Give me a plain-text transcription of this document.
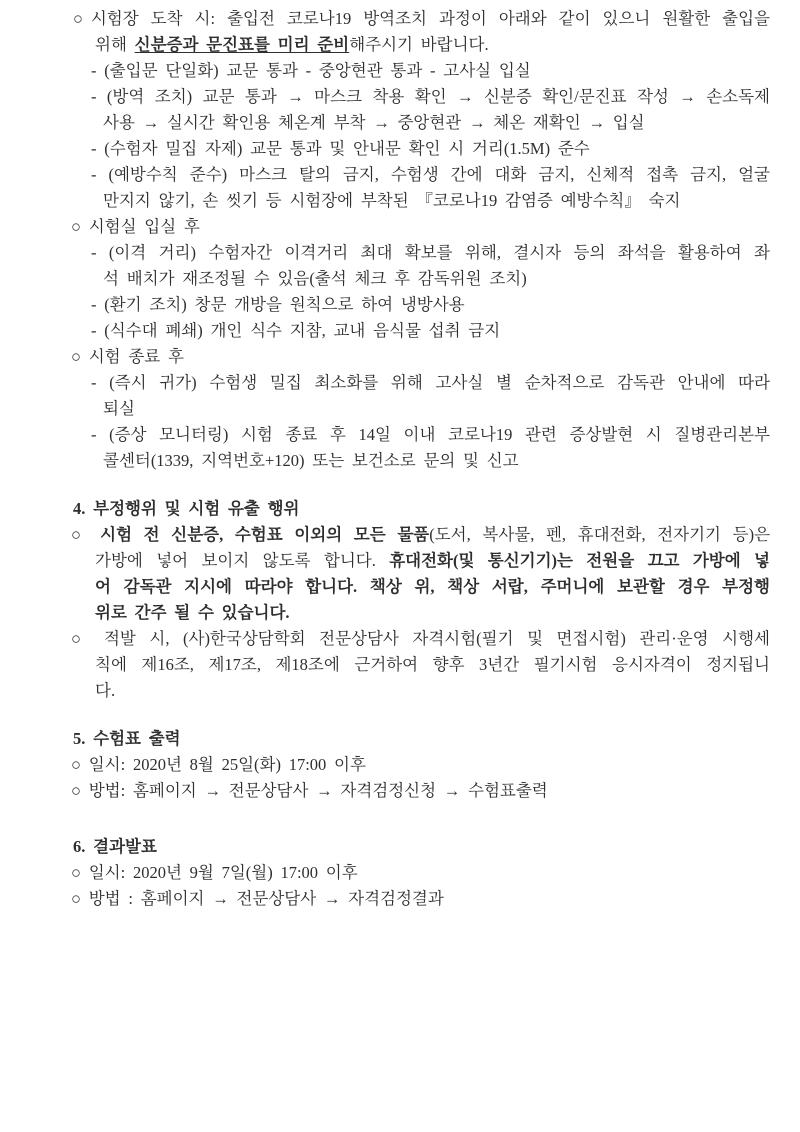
○시험장 도착 시: 출입전 코로나19 방역조치 과정이 아래와 같이 있으니 원활한 출입을
위해 신분증과 문진표를 미리 준비해주시기 바랍니다.
- (출입문 단일화) 교문 통과 - 중앙현관 통과 - 고사실 입실
- (방역 조치) 교문 통과 → 마스크 착용 확인 → 신분증 확인/문진표 작성 → 손소독제
사용 → 실시간 확인용 체온계 부착 → 중앙현관 → 체온 재확인 → 입실
- (수험자 밀집 자제) 교문 통과 및 안내문 확인 시 거리(1.5M) 준수
- (예방수칙 준수) 마스크 탈의 금지, 수험생 간에 대화 금지, 신체적 접촉 금지, 얼굴
만지지 않기, 손 씻기 등 시험장에 부착된 『코로나19 감염증 예방수칙』 숙지
○ 시험실 입실 후
- (이격 거리) 수험자간 이격거리 최대 확보를 위해, 결시자 등의 좌석을 활용하여 좌
석 배치가 재조정될 수 있음(출석 체크 후 감독위원 조치)
- (환기 조치) 창문 개방을 원칙으로 하여 냉방사용
- (식수대 폐쇄) 개인 식수 지참, 교내 음식물 섭취 금지
○ 시험 종료 후
- (즉시 귀가) 수험생 밀집 최소화를 위해 고사실 별 순차적으로 감독관 안내에 따라
퇴실
- (증상 모니터링) 시험 종료 후 14일 이내 코로나19 관련 증상발현 시 질병관리본부
콜센터(1339, 지역번호+120) 또는 보건소로 문의 및 신고
4. 부정행위 및 시험 유출 행위
○ 시험 전 신분증, 수험표 이외의 모든 물품(도서, 복사물, 펜, 휴대전화, 전자기기 등)은
가방에 넣어 보이지 않도록 합니다. 휴대전화(및 통신기기)는 전원을 끄고 가방에 넣
어 감독관 지시에 따라야 합니다. 책상 위, 책상 서랍, 주머니에 보관할 경우 부정행
위로 간주 될 수 있습니다.
○ 적발 시, (사)한국상담학회 전문상담사 자격시험(필기 및 면접시험) 관리·운영 시행세
칙에 제16조, 제17조, 제18조에 근거하여 향후 3년간 필기시험 응시자격이 정지됩니
다.
5. 수험표 출력
○ 일시: 2020년 8월 25일(화) 17:00 이후
○ 방법: 홈페이지 → 전문상담사 → 자격검정신청 → 수험표출력
6. 결과발표
○ 일시: 2020년 9월 7일(월) 17:00 이후
○ 방법 : 홈페이지 → 전문상담사 → 자격검정결과
